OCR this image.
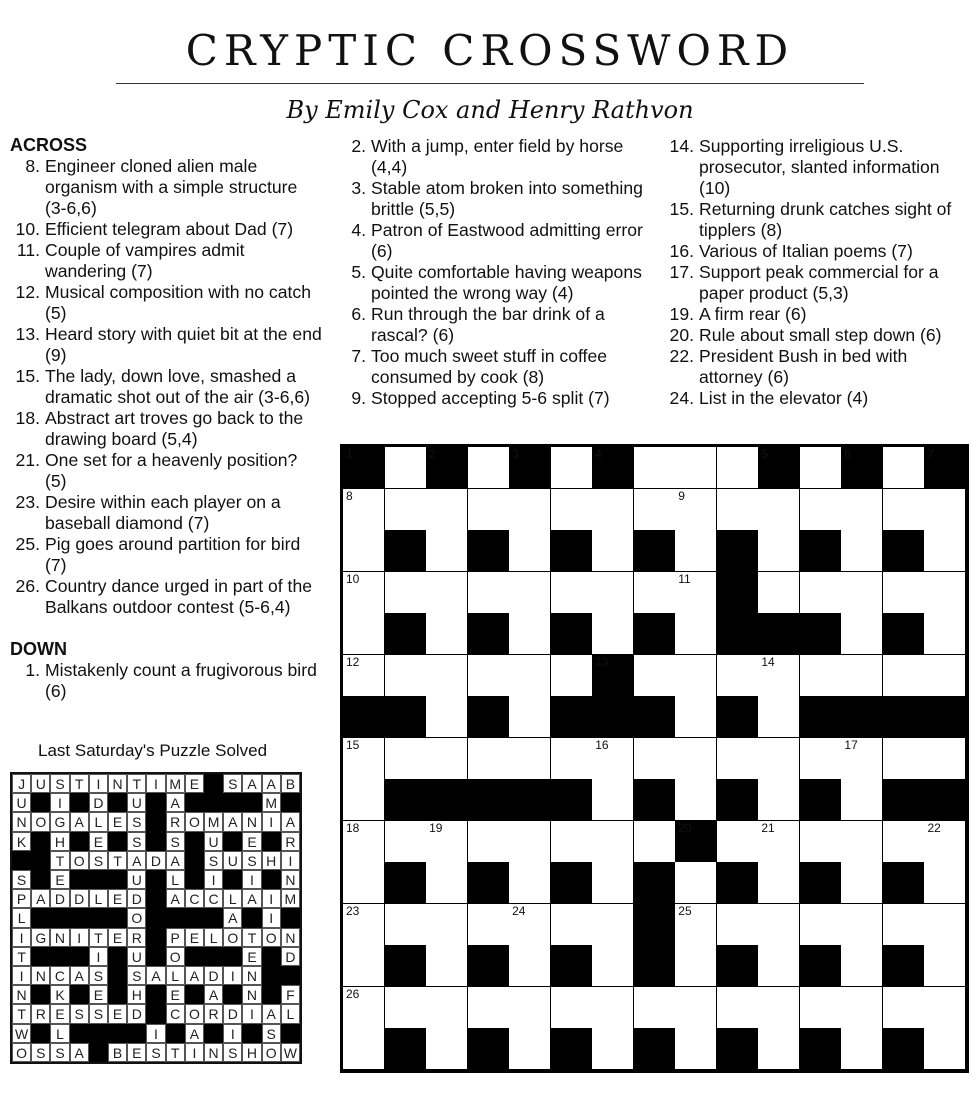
CRYPTIC CROSSWORD
By Emily Cox and Henry Rathvon
ACROSS
8. Engineer cloned alien male organism with a simple structure (3-6,6)
10. Efficient telegram about Dad (7)
11. Couple of vampires admit wandering (7)
12. Musical composition with no catch (5)
13. Heard story with quiet bit at the end (9)
15. The lady, down love, smashed a dramatic shot out of the air (3-6,6)
18. Abstract art troves go back to the drawing board (5,4)
21. One set for a heavenly position? (5)
23. Desire within each player on a baseball diamond (7)
25. Pig goes around partition for bird (7)
26. Country dance urged in part of the Balkans outdoor contest (5-6,4)
DOWN
1. Mistakenly count a frugivorous bird (6)
2. With a jump, enter field by horse (4,4)
3. Stable atom broken into something brittle (5,5)
4. Patron of Eastwood admitting error (6)
5. Quite comfortable having weapons pointed the wrong way (4)
6. Run through the bar drink of a rascal? (6)
7. Too much sweet stuff in coffee consumed by cook (8)
9. Stopped accepting 5-6 split (7)
14. Supporting irreligious U.S. prosecutor, slanted information (10)
15. Returning drunk catches sight of tipplers (8)
16. Various of Italian poems (7)
17. Support peak commercial for a paper product (5,3)
19. A firm rear (6)
20. Rule about small step down (6)
22. President Bush in bed with attorney (6)
24. List in the elevator (4)
Last Saturday's Puzzle Solved
J U S T I N T I M E	S A A B
U	I	D	U	A	M
N O G A L E S	R O M A N I A
K	H	E	S	S	U	E	R
T O S T A D A	S U S H I
S	E	U	L	I	I	N
P A D D L E D	A C C L A I M
L	O	A	I
I G N I T E R	P E L O T O N
T	I	U	O	E	D
I N C A S	S A L A D I N
N	K	E	H	E	A	N	F
T R E S S E D	C O R D I A L
W	L	I	A	I	S
O S S A	B E S T I N S H O W
1	2	3	4	5	6	7
8	9
10	11
12	13	14
15	16	17
18	19	20	21	22
23	24	25
26
